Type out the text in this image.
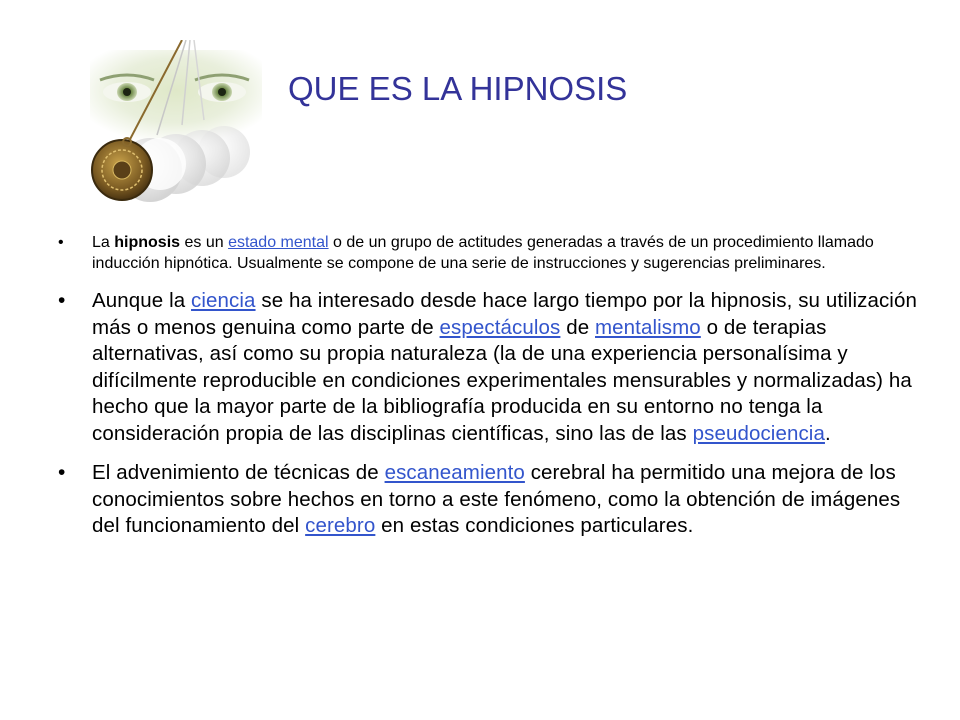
QUE ES LA HIPNOSIS
•	La hipnosis es un estado mental o de un grupo de actitudes generadas a través de un procedimiento llamado inducción hipnótica. Usualmente se compone de una serie de instrucciones y sugerencias preliminares.
•	Aunque la ciencia se ha interesado desde hace largo tiempo por la hipnosis, su utilización más o menos genuina como parte de espectáculos de mentalismo o de terapias alternativas, así como su propia naturaleza (la de una experiencia personalísima y difícilmente reproducible en condiciones experimentales mensurables y normalizadas) ha hecho que la mayor parte de la bibliografía producida en su entorno no tenga la consideración propia de las disciplinas científicas, sino las de las pseudociencia.
•	El advenimiento de técnicas de escaneamiento cerebral ha permitido una mejora de los conocimientos sobre hechos en torno a este fenómeno, como la obtención de imágenes del funcionamiento del cerebro en estas condiciones particulares.
